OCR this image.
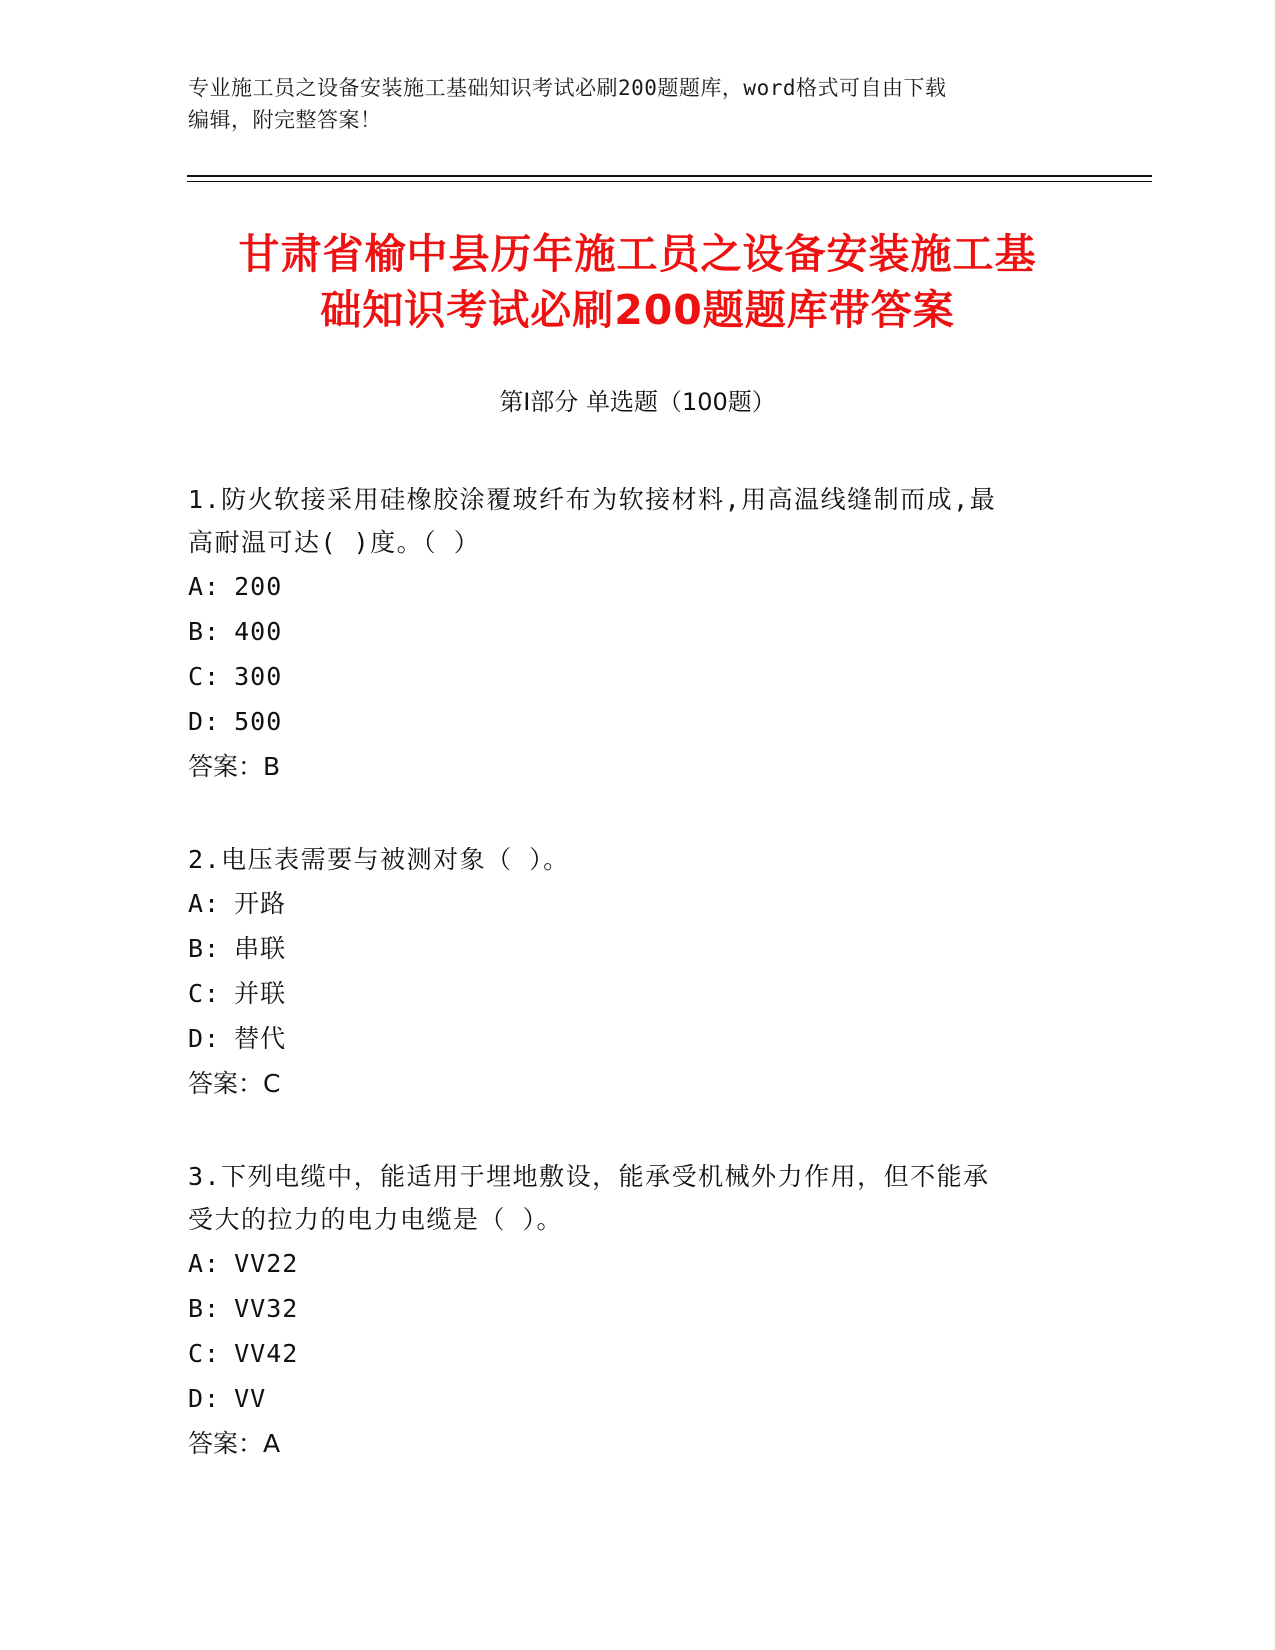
专业施工员之设备安装施工基础知识考试必刷200题题库，word格式可自由下载
编辑，附完整答案！
甘肃省榆中县历年施工员之设备安装施工基
础知识考试必刷200题题库带答案
第Ⅰ部分 单选题（100题）

1.防火软接采用硅橡胶涂覆玻纤布为软接材料,用高温线缝制而成,最
高耐温可达( )度。（ ）

A: 200
B: 400
C: 300
D: 500
答案：B

2.电压表需要与被测对象（ ）。

A: 开路
B: 串联
C: 并联
D: 替代
答案：C

3.下列电缆中，能适用于埋地敷设，能承受机械外力作用，但不能承
受大的拉力的电力电缆是（ ）。

A: VV22
B: VV32
C: VV42
D: VV
答案：A
